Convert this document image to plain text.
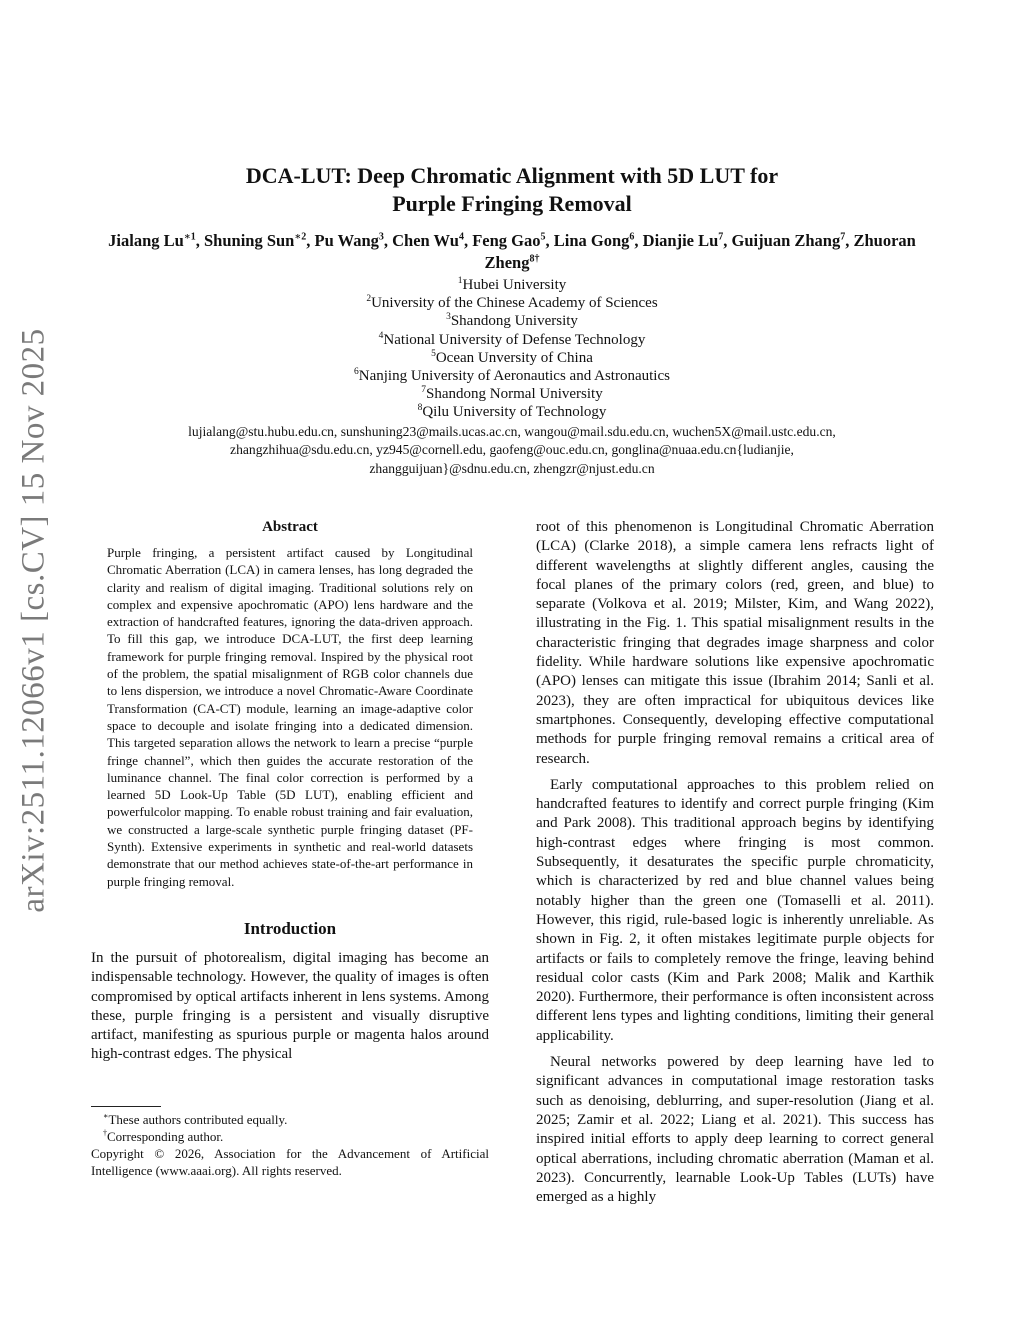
arXiv:2511.12066v1 [cs.CV] 15 Nov 2025
DCA-LUT: Deep Chromatic Alignment with 5D LUT for
Purple Fringing Removal
Jialang $Lu^{∗1}$, Shuning Sun$^{∗2}$, Pu Wang$^3$, Chen Wu$^4$, Feng Gao$^5$, Lina Gong$^6$, Dianjie Lu$^7$, Guijuan Zhang$^7$, Zhuoran Zheng$^{8\dagger}$
$^1$Hubei University
$^2$University of the Chinese Academy of Sciences
$^3$Shandong University
$^4$National University of Defense Technology
$^5$Ocean Unversity of China
$^6$Nanjing University of Aeronautics and Astronautics
$^7$Shandong Normal University
$^8$Qilu University of Technology
lujialang@stu.hubu.edu.cn, sunshuning23@mails.ucas.ac.cn, wangou@mail.sdu.edu.cn, wuchen5X@mail.ustc.edu.cn,
zhangzhihua@sdu.edu.cn, yz945@cornell.edu, gaofeng@ouc.edu.cn, gonglina@nuaa.edu.cn{ludianjie,
zhangguijuan}@sdnu.edu.cn, zhengzr@njust.edu.cn
Abstract

Purple fringing, a persistent artifact caused by Longitudinal Chromatic Aberration (LCA) in camera lenses, has long degraded the clarity and realism of digital imaging. Traditional solutions rely on complex and expensive apochromatic (APO) lens hardware and the extraction of handcrafted features, ignoring the data-driven approach. To fill this gap, we introduce DCA-LUT, the first deep learning framework for purple fringing removal. Inspired by the physical root of the problem, the spatial misalignment of RGB color channels due to lens dispersion, we introduce a novel Chromatic-Aware Coordinate Transformation (CA-CT) module, learning an image-adaptive color space to decouple and isolate fringing into a dedicated dimension. This targeted separation allows the network to learn a precise “purple fringe channel”, which then guides the accurate restoration of the luminance channel. The final color correction is performed by a learned 5D Look-Up Table (5D LUT), enabling efficient and powerfulcolor mapping. To enable robust training and fair evaluation, we constructed a large-scale synthetic purple fringing dataset (PF-Synth). Extensive experiments in synthetic and real-world datasets demonstrate that our method achieves state-of-the-art performance in purple fringing removal.

Introduction

In the pursuit of photorealism, digital imaging has become an indispensable technology. However, the quality of images is often compromised by optical artifacts inherent in lens systems. Among these, purple fringing is a persistent and visually disruptive artifact, manifesting as spurious purple or magenta halos around high-contrast edges. The physical

∗These authors contributed equally.
†Corresponding author.
Copyright © 2026, Association for the Advancement of Artificial Intelligence (www.aaai.org). All rights reserved.

root of this phenomenon is Longitudinal Chromatic Aberration (LCA) (Clarke 2018), a simple camera lens refracts light of different wavelengths at slightly different angles, causing the focal planes of the primary colors (red, green, and blue) to separate (Volkova et al. 2019; Milster, Kim, and Wang 2022), illustrating in the Fig. 1. This spatial misalignment results in the characteristic fringing that degrades image sharpness and color fidelity. While hardware solutions like expensive apochromatic (APO) lenses can mitigate this issue (Ibrahim 2014; Sanli et al. 2023), they are often impractical for ubiquitous devices like smartphones. Consequently, developing effective computational methods for purple fringing removal remains a critical area of research.

Early computational approaches to this problem relied on handcrafted features to identify and correct purple fringing (Kim and Park 2008). This traditional approach begins by identifying high-contrast edges where fringing is most common. Subsequently, it desaturates the specific purple chromaticity, which is characterized by red and blue channel values being notably higher than the green one (Tomaselli et al. 2011). However, this rigid, rule-based logic is inherently unreliable. As shown in Fig. 2, it often mistakes legitimate purple objects for artifacts or fails to completely remove the fringe, leaving behind residual color casts (Kim and Park 2008; Malik and Karthik 2020). Furthermore, their performance is often inconsistent across different lens types and lighting conditions, limiting their general applicability.

Neural networks powered by deep learning have led to significant advances in computational image restoration tasks such as denoising, deblurring, and super-resolution (Jiang et al. 2025; Zamir et al. 2022; Liang et al. 2021). This success has inspired initial efforts to apply deep learning to correct general optical aberrations, including chromatic aberration (Maman et al. 2023). Concurrently, learnable Look-Up Tables (LUTs) have emerged as a highly
